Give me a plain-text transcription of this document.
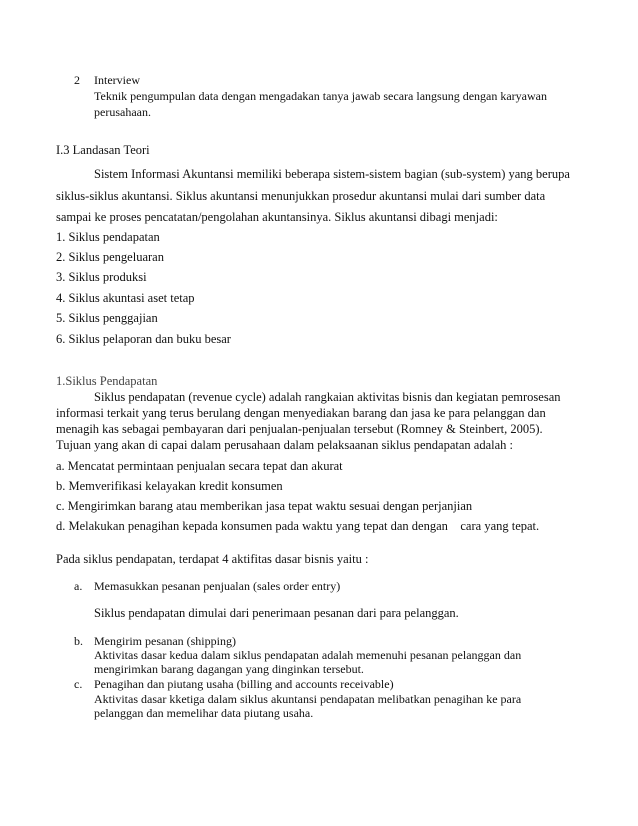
2 Interview
Teknik pengumpulan data dengan mengadakan tanya jawab secara langsung dengan karyawan
perusahaan.
I.3 Landasan Teori
Sistem Informasi Akuntansi memiliki beberapa sistem-sistem bagian (sub-system) yang berupa
siklus-siklus akuntansi. Siklus akuntansi menunjukkan prosedur akuntansi mulai dari sumber data
sampai ke proses pencatatan/pengolahan akuntansinya. Siklus akuntansi dibagi menjadi:
1. Siklus pendapatan
2. Siklus pengeluaran
3. Siklus produksi
4. Siklus akuntasi aset tetap
5. Siklus penggajian
6. Siklus pelaporan dan buku besar
1.Siklus Pendapatan
Siklus pendapatan (revenue cycle) adalah rangkaian aktivitas bisnis dan kegiatan pemrosesan
informasi terkait yang terus berulang dengan menyediakan barang dan jasa ke para pelanggan dan
menagih kas sebagai pembayaran dari penjualan-penjualan tersebut (Romney & Steinbert, 2005).
Tujuan yang akan di capai dalam perusahaan dalam pelaksaanan siklus pendapatan adalah :
a. Mencatat permintaan penjualan secara tepat dan akurat
b. Memverifikasi kelayakan kredit konsumen
c. Mengirimkan barang atau memberikan jasa tepat waktu sesuai dengan perjanjian
d. Melakukan penagihan kepada konsumen pada waktu yang tepat dan dengan    cara yang tepat.
Pada siklus pendapatan, terdapat 4 aktifitas dasar bisnis yaitu :
a. Memasukkan pesanan penjualan (sales order entry)
Siklus pendapatan dimulai dari penerimaan pesanan dari para pelanggan.
b. Mengirim pesanan (shipping)
Aktivitas dasar kedua dalam siklus pendapatan adalah memenuhi pesanan pelanggan dan
mengirimkan barang dagangan yang dinginkan tersebut.
c. Penagihan dan piutang usaha (billing and accounts receivable)
Aktivitas dasar kketiga dalam siklus akuntansi pendapatan melibatkan penagihan ke para
pelanggan dan memelihar data piutang usaha.
